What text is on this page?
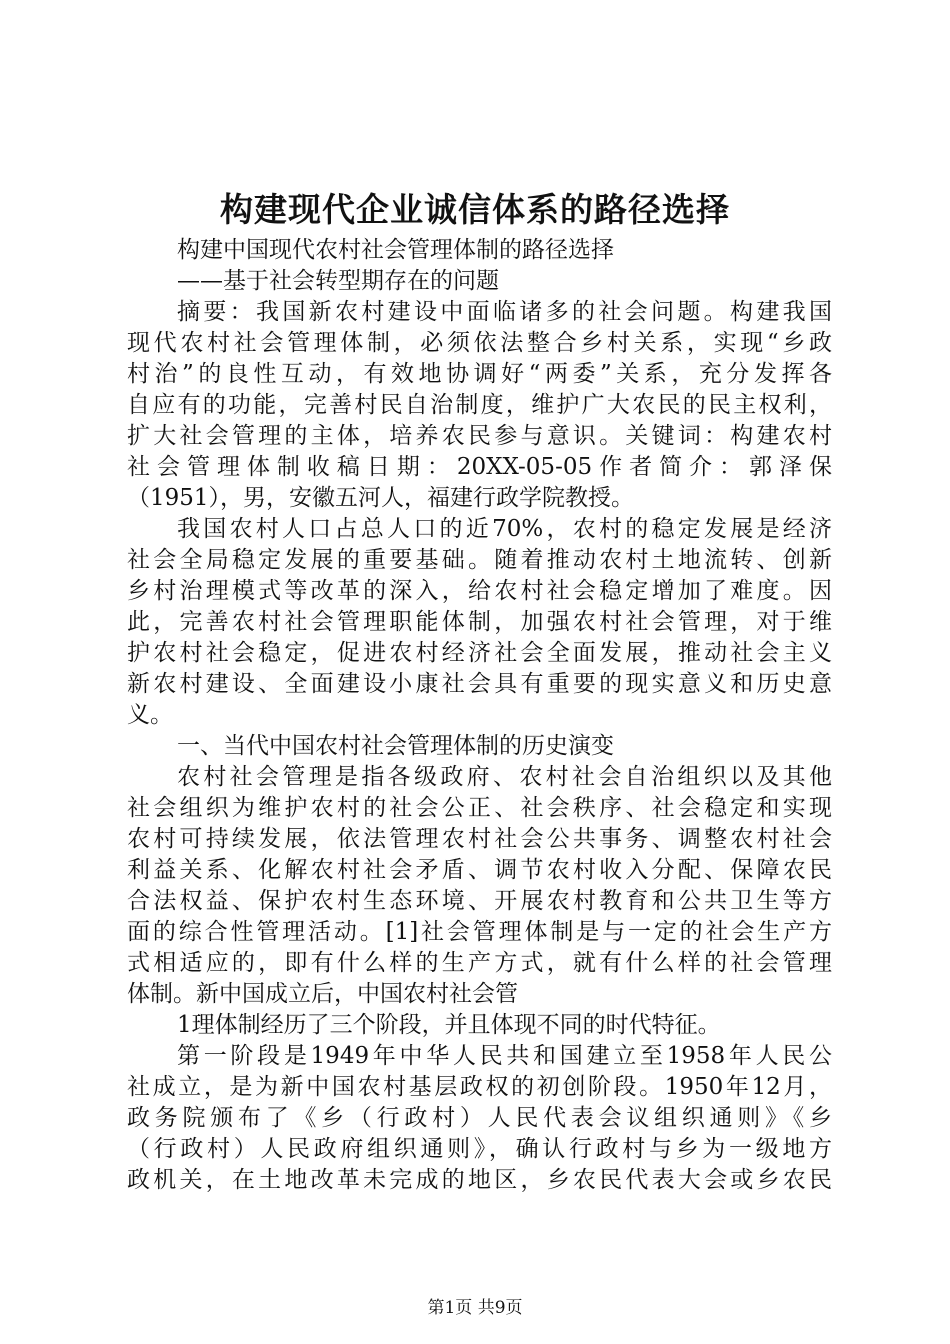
构建现代企业诚信体系的路径选择
构建中国现代农村社会管理体制的路径选择
——基于社会转型期存在的问题
摘要：我国新农村建设中面临诸多的社会问题。构建我国
现代农村社会管理体制，必须依法整合乡村关系，实现“乡政
村治”的良性互动，有效地协调好“两委”关系，充分发挥各
自应有的功能，完善村民自治制度，维护广大农民的民主权利，
扩大社会管理的主体，培养农民参与意识。关键词：构建农村
社会管理体制收稿日期：20XX-05-05作者简介：郭泽保
（1951），男，安徽五河人，福建行政学院教授。
我国农村人口占总人口的近70%，农村的稳定发展是经济
社会全局稳定发展的重要基础。随着推动农村土地流转、创新
乡村治理模式等改革的深入，给农村社会稳定增加了难度。因
此，完善农村社会管理职能体制，加强农村社会管理，对于维
护农村社会稳定，促进农村经济社会全面发展，推动社会主义
新农村建设、全面建设小康社会具有重要的现实意义和历史意
义。
一、当代中国农村社会管理体制的历史演变
农村社会管理是指各级政府、农村社会自治组织以及其他
社会组织为维护农村的社会公正、社会秩序、社会稳定和实现
农村可持续发展，依法管理农村社会公共事务、调整农村社会
利益关系、化解农村社会矛盾、调节农村收入分配、保障农民
合法权益、保护农村生态环境、开展农村教育和公共卫生等方
面的综合性管理活动。[1]社会管理体制是与一定的社会生产方
式相适应的，即有什么样的生产方式，就有什么样的社会管理
体制。新中国成立后，中国农村社会管
1理体制经历了三个阶段，并且体现不同的时代特征。
第一阶段是1949年中华人民共和国建立至1958年人民公
社成立，是为新中国农村基层政权的初创阶段。1950年12月，
政务院颁布了《乡（行政村）人民代表会议组织通则》《乡
（行政村）人民政府组织通则》，确认行政村与乡为一级地方
政机关，在土地改革未完成的地区，乡农民代表大会或乡农民
第1页 共9页
